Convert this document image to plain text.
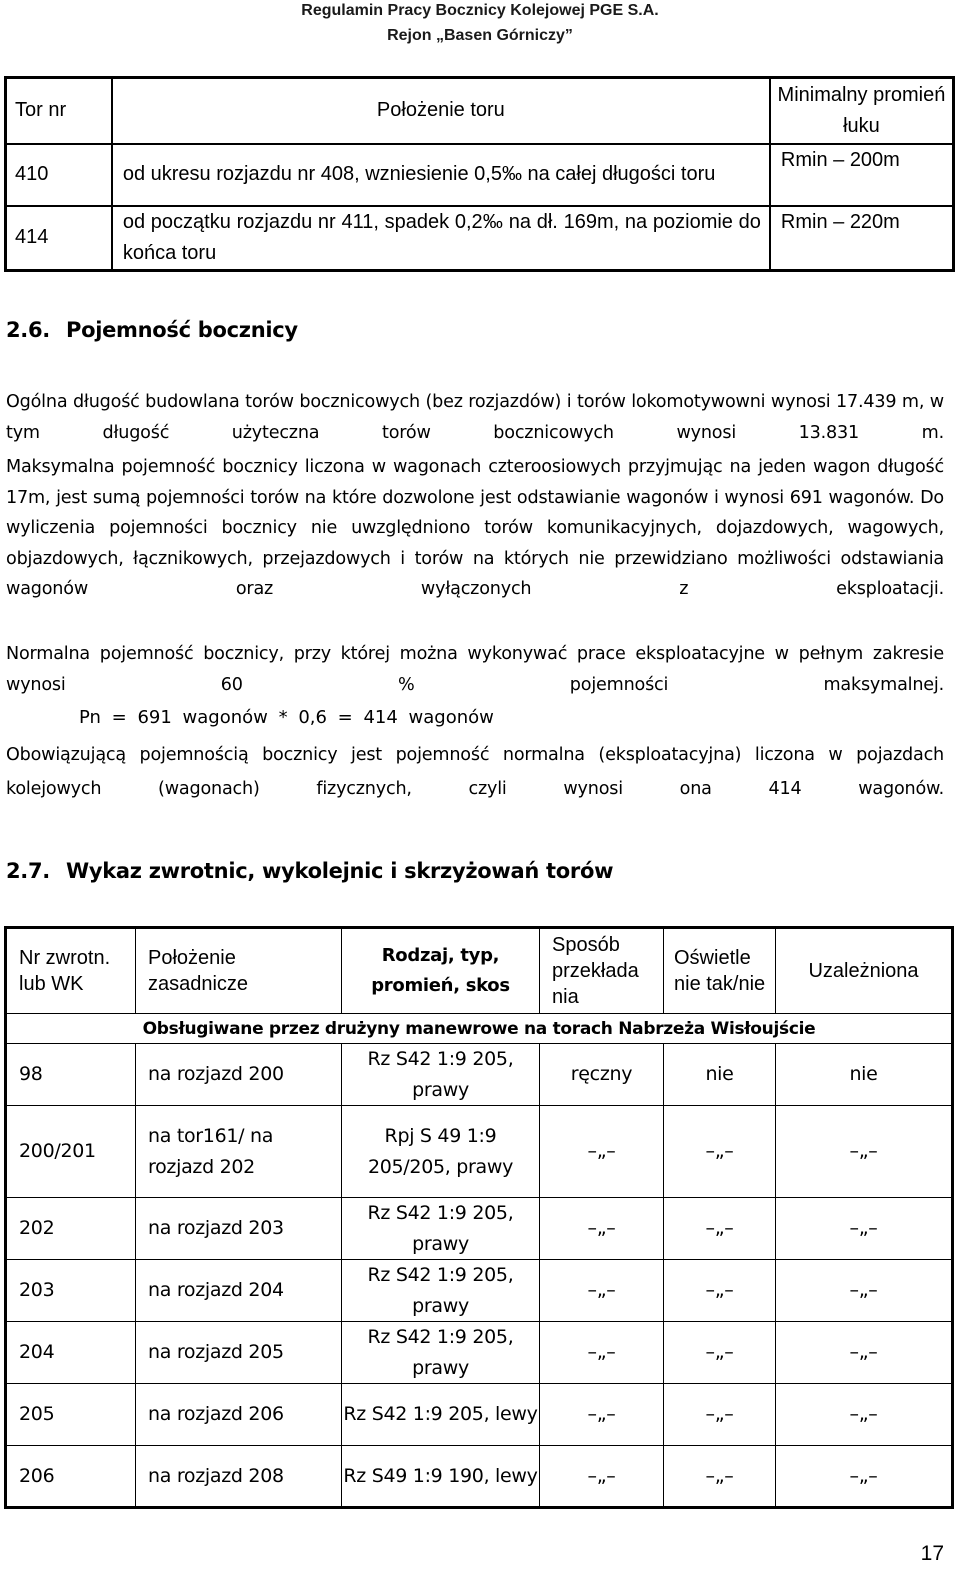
Regulamin Pracy Bocznicy Kolejowej PGE S.A.
Rejon „Basen Górniczy”
Tor nr	Położenie toru	Minimalny promień łuku
410	od ukresu rozjazdu nr 408, wzniesienie 0,5‰ na całej długości toru	Rmin – 200m
414	od początku rozjazdu nr 411, spadek 0,2‰ na dł. 169m, na poziomie do końca toru	Rmin – 220m
2.6. Pojemność bocznicy
Ogólna długość budowlana torów bocznicowych (bez rozjazdów) i torów lokomotywowni wynosi 17.439 m, w tym długość użyteczna torów bocznicowych wynosi 13.831 m.
Maksymalna pojemność bocznicy liczona w wagonach czteroosiowych przyjmując na jeden wagon długość 17m, jest sumą pojemności torów na które dozwolone jest odstawianie wagonów i wynosi 691 wagonów. Do wyliczenia pojemności bocznicy nie uwzględniono torów komunikacyjnych, dojazdowych, wagowych, objazdowych, łącznikowych, przejazdowych i torów na których nie przewidziano możliwości odstawiania wagonów oraz wyłączonych z eksploatacji.
Normalna pojemność bocznicy, przy której można wykonywać prace eksploatacyjne w pełnym zakresie wynosi 60 % pojemności maksymalnej.
Pn = 691 wagonów * 0,6 = 414 wagonów
Obowiązującą pojemnością bocznicy jest pojemność normalna (eksploatacyjna) liczona w pojazdach kolejowych (wagonach) fizycznych, czyli wynosi ona 414 wagonów.
2.7. Wykaz zwrotnic, wykolejnic i skrzyżowań torów
Nr zwrotn. lub WK	Położenie zasadnicze	Rodzaj, typ, promień, skos	Sposób przekłada nia	Oświetle nie tak/nie	Uzależniona
Obsługiwane przez drużyny manewrowe na torach Nabrzeża Wisłoujście					
98	na rozjazd 200	Rz S42 1:9 205, prawy	ręczny	nie	nie
200/201	na tor161/ na rozjazd 202	Rpj S 49 1:9 205/205, prawy	–„–	–„–	–„–
202	na rozjazd 203	Rz S42 1:9 205, prawy	–„–	–„–	–„–
203	na rozjazd 204	Rz S42 1:9 205, prawy	–„–	–„–	–„–
204	na rozjazd 205	Rz S42 1:9 205, prawy	–„–	–„–	–„–
205	na rozjazd 206	Rz S42 1:9 205, lewy	–„–	–„–	–„–
206	na rozjazd 208	Rz S49 1:9 190, lewy	–„–	–„–	–„–
17
